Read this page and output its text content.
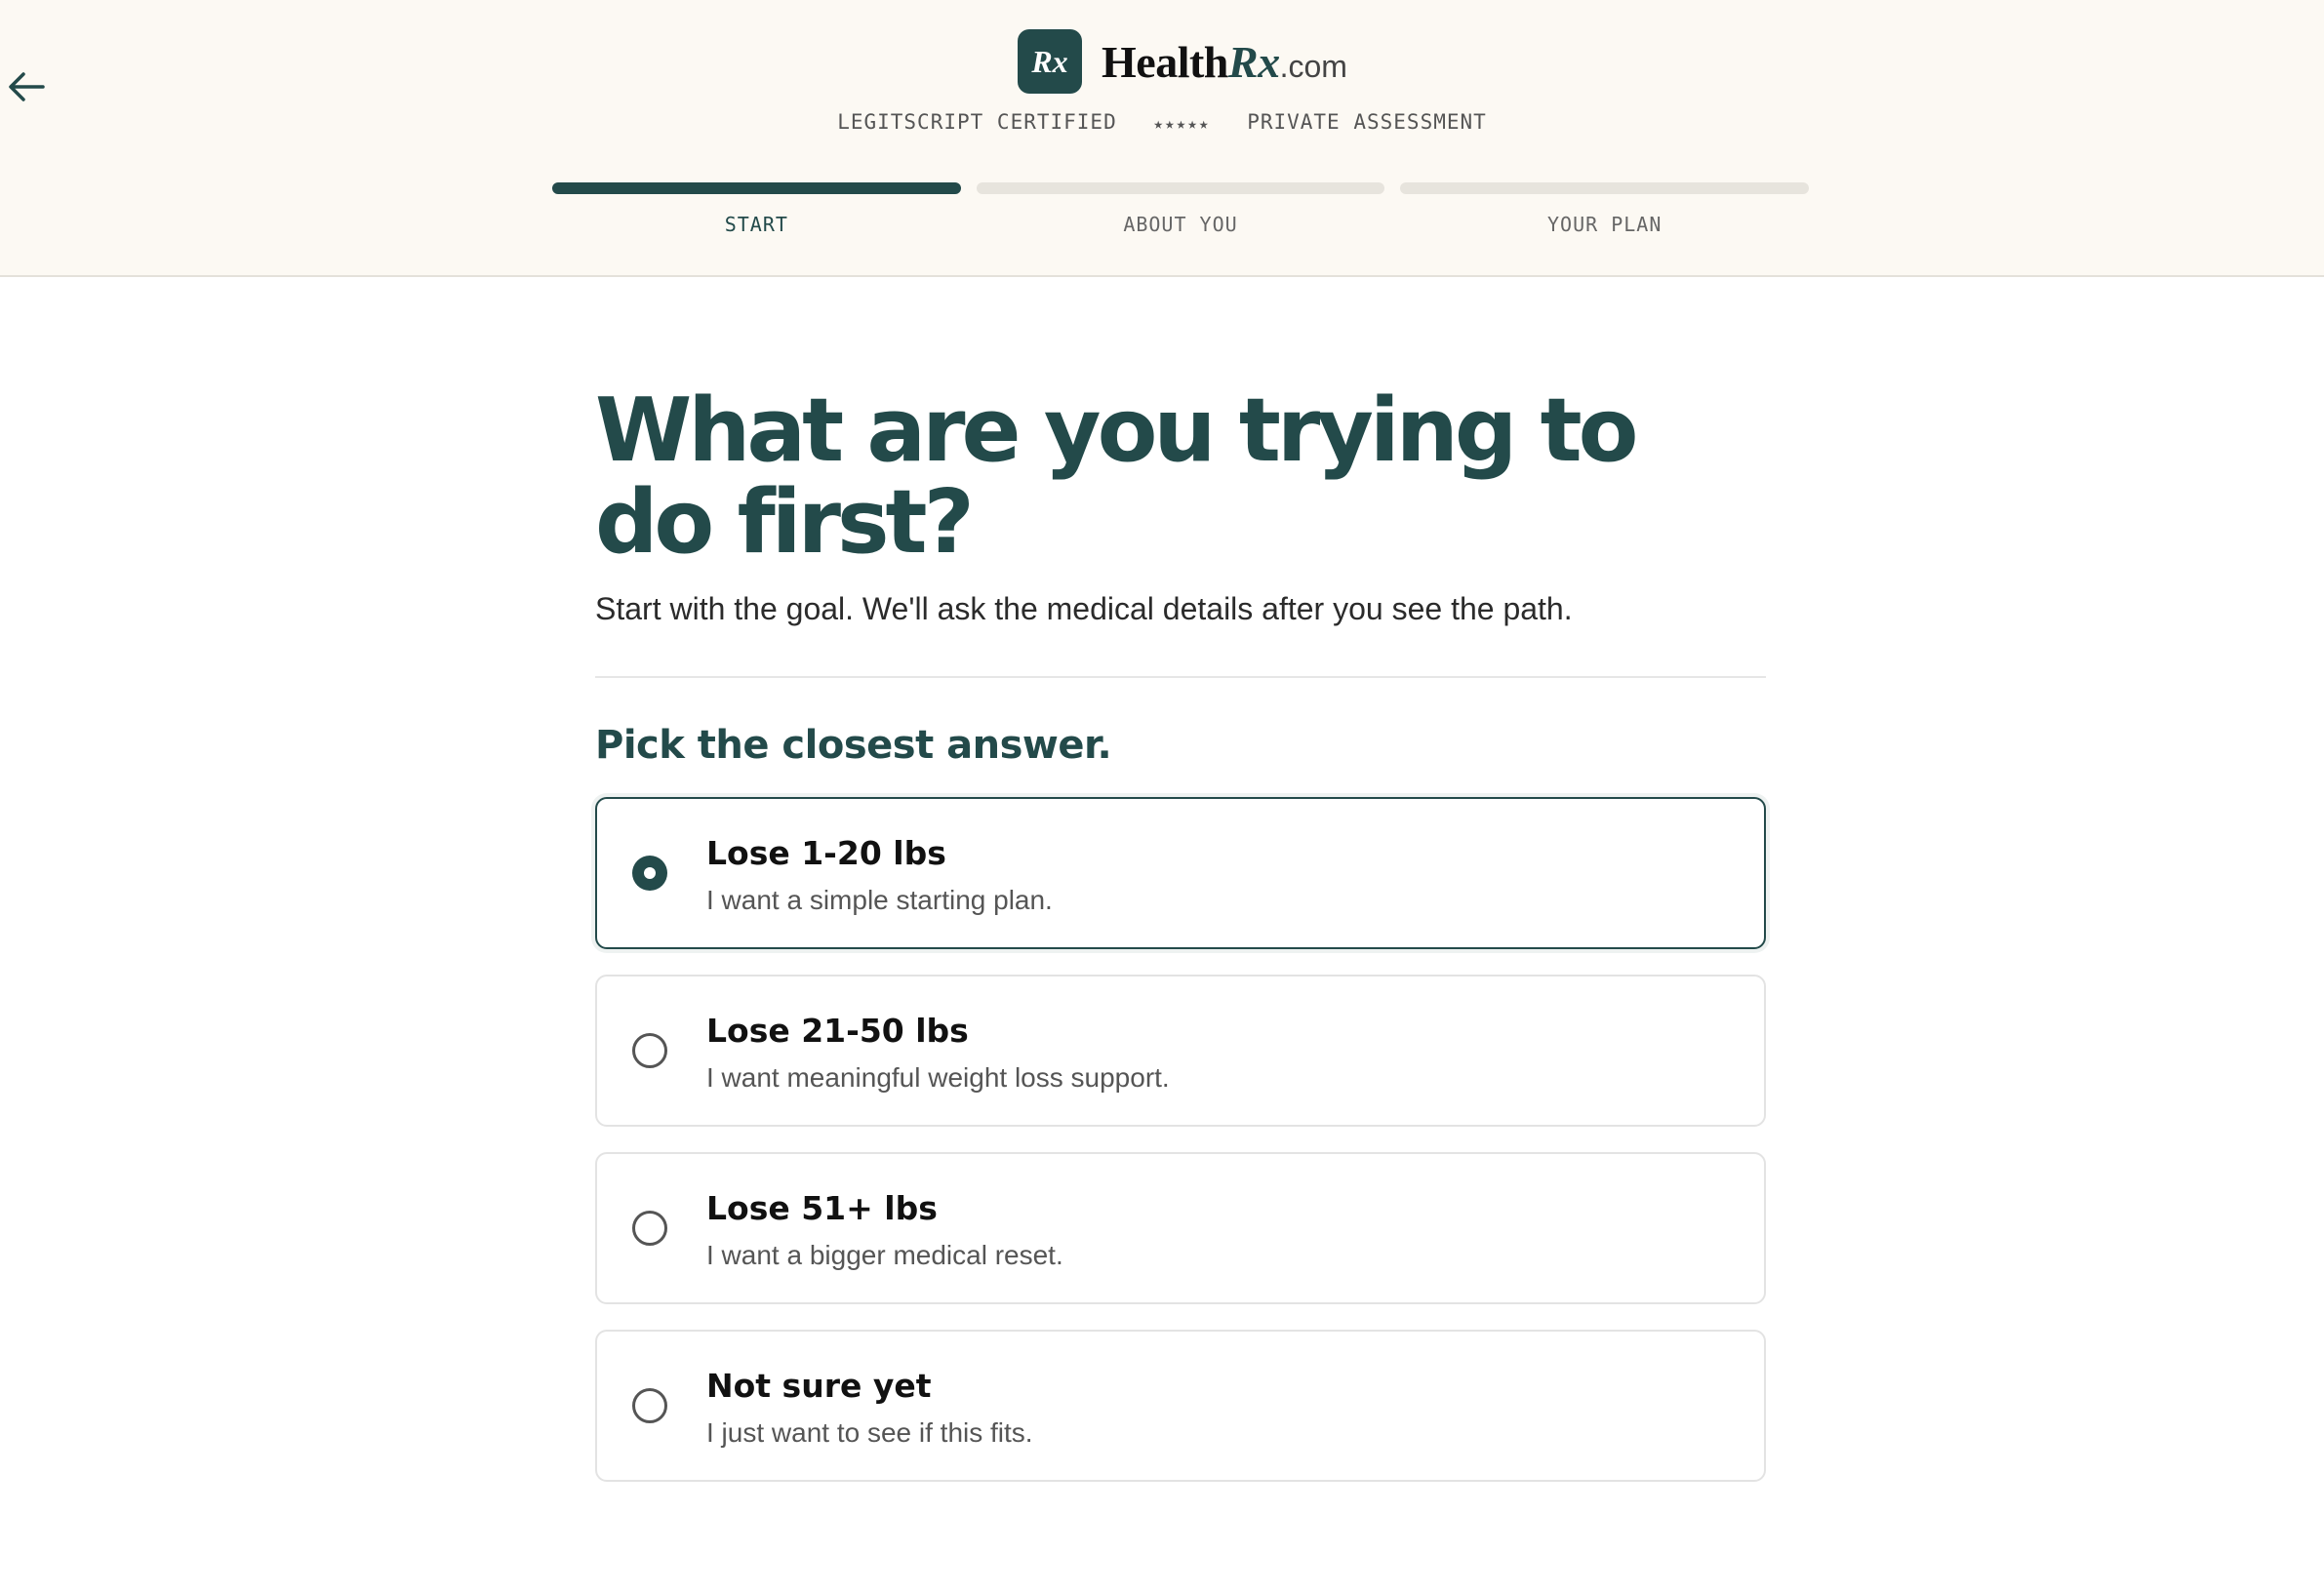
Rx HealthRx.com
LEGITSCRIPT CERTIFIED ★★★★★ PRIVATE ASSESSMENT
START	ABOUT YOU	YOUR PLAN
What are you trying to do first?

Start with the goal. We'll ask the medical details after you see the path.

Pick the closest answer.
Lose 1-20 lbs
I want a simple starting plan.
Lose 21-50 lbs
I want meaningful weight loss support.
Lose 51+ lbs
I want a bigger medical reset.
Not sure yet
I just want to see if this fits.
